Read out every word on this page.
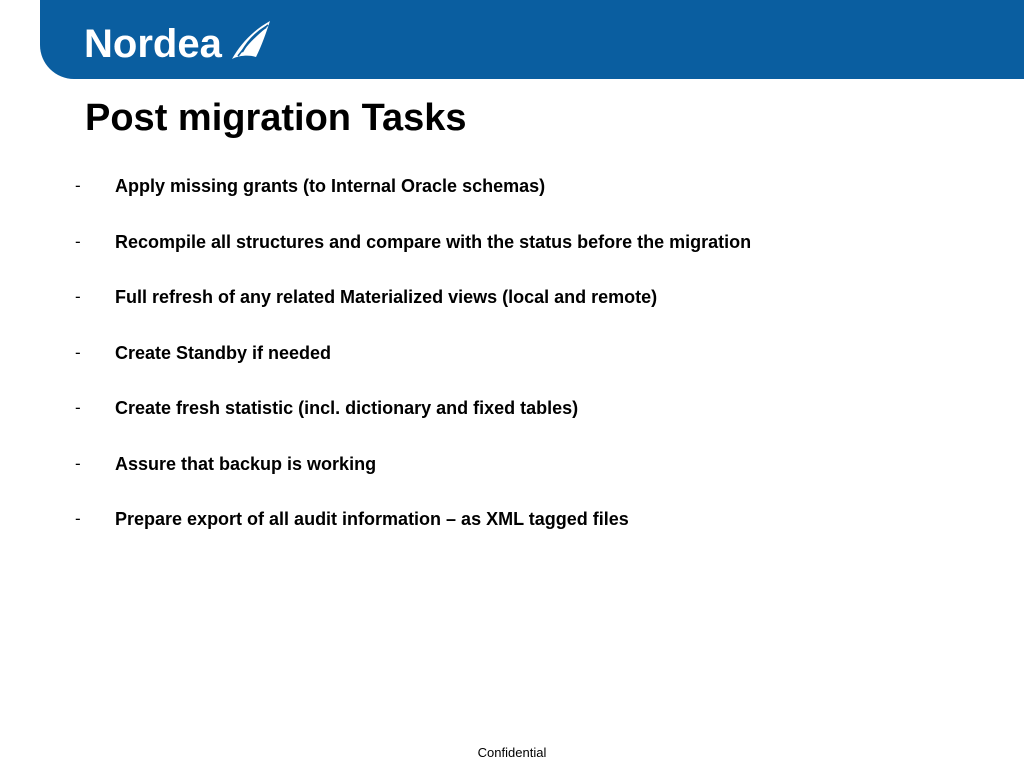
Nordea
Post migration Tasks
- Apply missing grants (to Internal Oracle schemas)
- Recompile all structures and compare with the status before the migration
- Full refresh of any related Materialized views (local and remote)
- Create Standby if needed
- Create fresh statistic (incl. dictionary and fixed tables)
- Assure that backup is working
- Prepare export of all audit information – as XML tagged files
Confidential
